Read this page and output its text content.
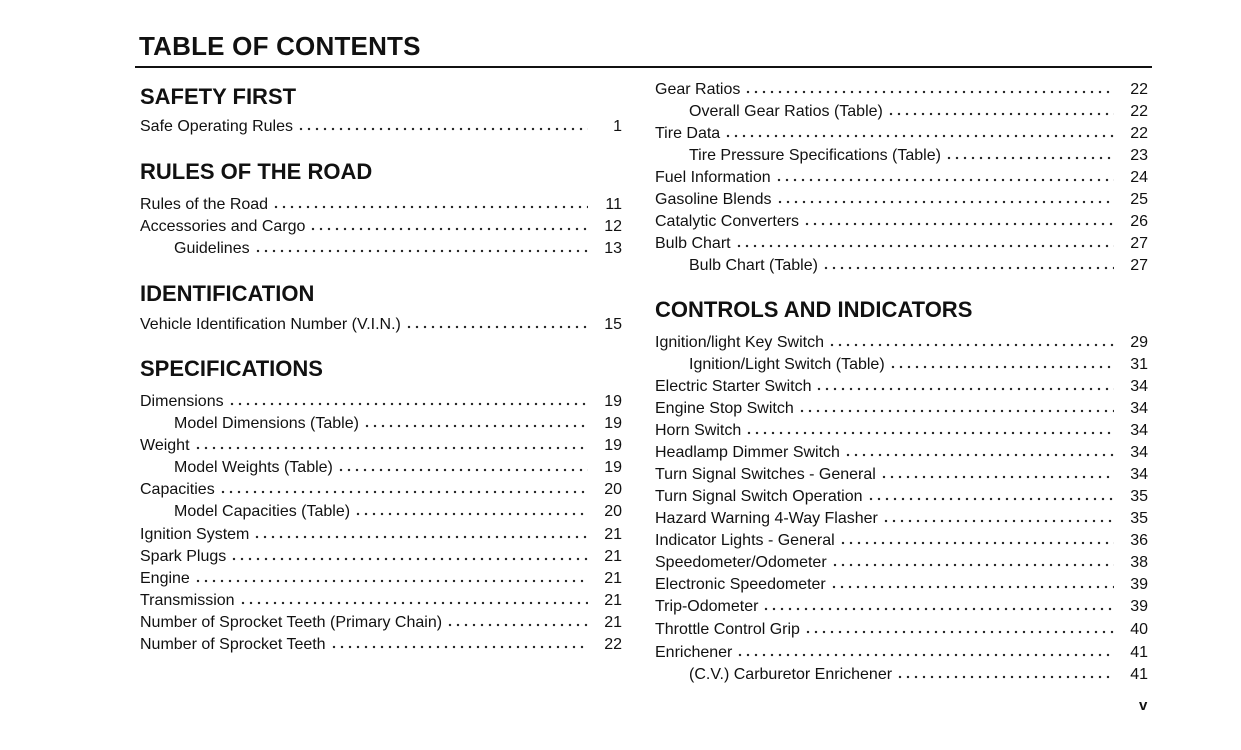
TABLE OF CONTENTS
SAFETY FIRST
Safe Operating Rules	1
RULES OF THE ROAD
Rules of the Road	11
Accessories and Cargo	12
Guidelines	13
IDENTIFICATION
Vehicle Identification Number (V.I.N.)	15
SPECIFICATIONS
Dimensions	19
Model Dimensions (Table)	19
Weight	19
Model Weights (Table)	19
Capacities	20
Model Capacities (Table)	20
Ignition System	21
Spark Plugs	21
Engine	21
Transmission	21
Number of Sprocket Teeth (Primary Chain)	21
Number of Sprocket Teeth	22
Gear Ratios	22
Overall Gear Ratios (Table)	22
Tire Data	22
Tire Pressure Specifications (Table)	23
Fuel Information	24
Gasoline Blends	25
Catalytic Converters	26
Bulb Chart	27
Bulb Chart (Table)	27
CONTROLS AND INDICATORS
Ignition/light Key Switch	29
Ignition/Light Switch (Table)	31
Electric Starter Switch	34
Engine Stop Switch	34
Horn Switch	34
Headlamp Dimmer Switch	34
Turn Signal Switches - General	34
Turn Signal Switch Operation	35
Hazard Warning 4-Way Flasher	35
Indicator Lights - General	36
Speedometer/Odometer	38
Electronic Speedometer	39
Trip-Odometer	39
Throttle Control Grip	40
Enrichener	41
(C.V.) Carburetor Enrichener	41
v
